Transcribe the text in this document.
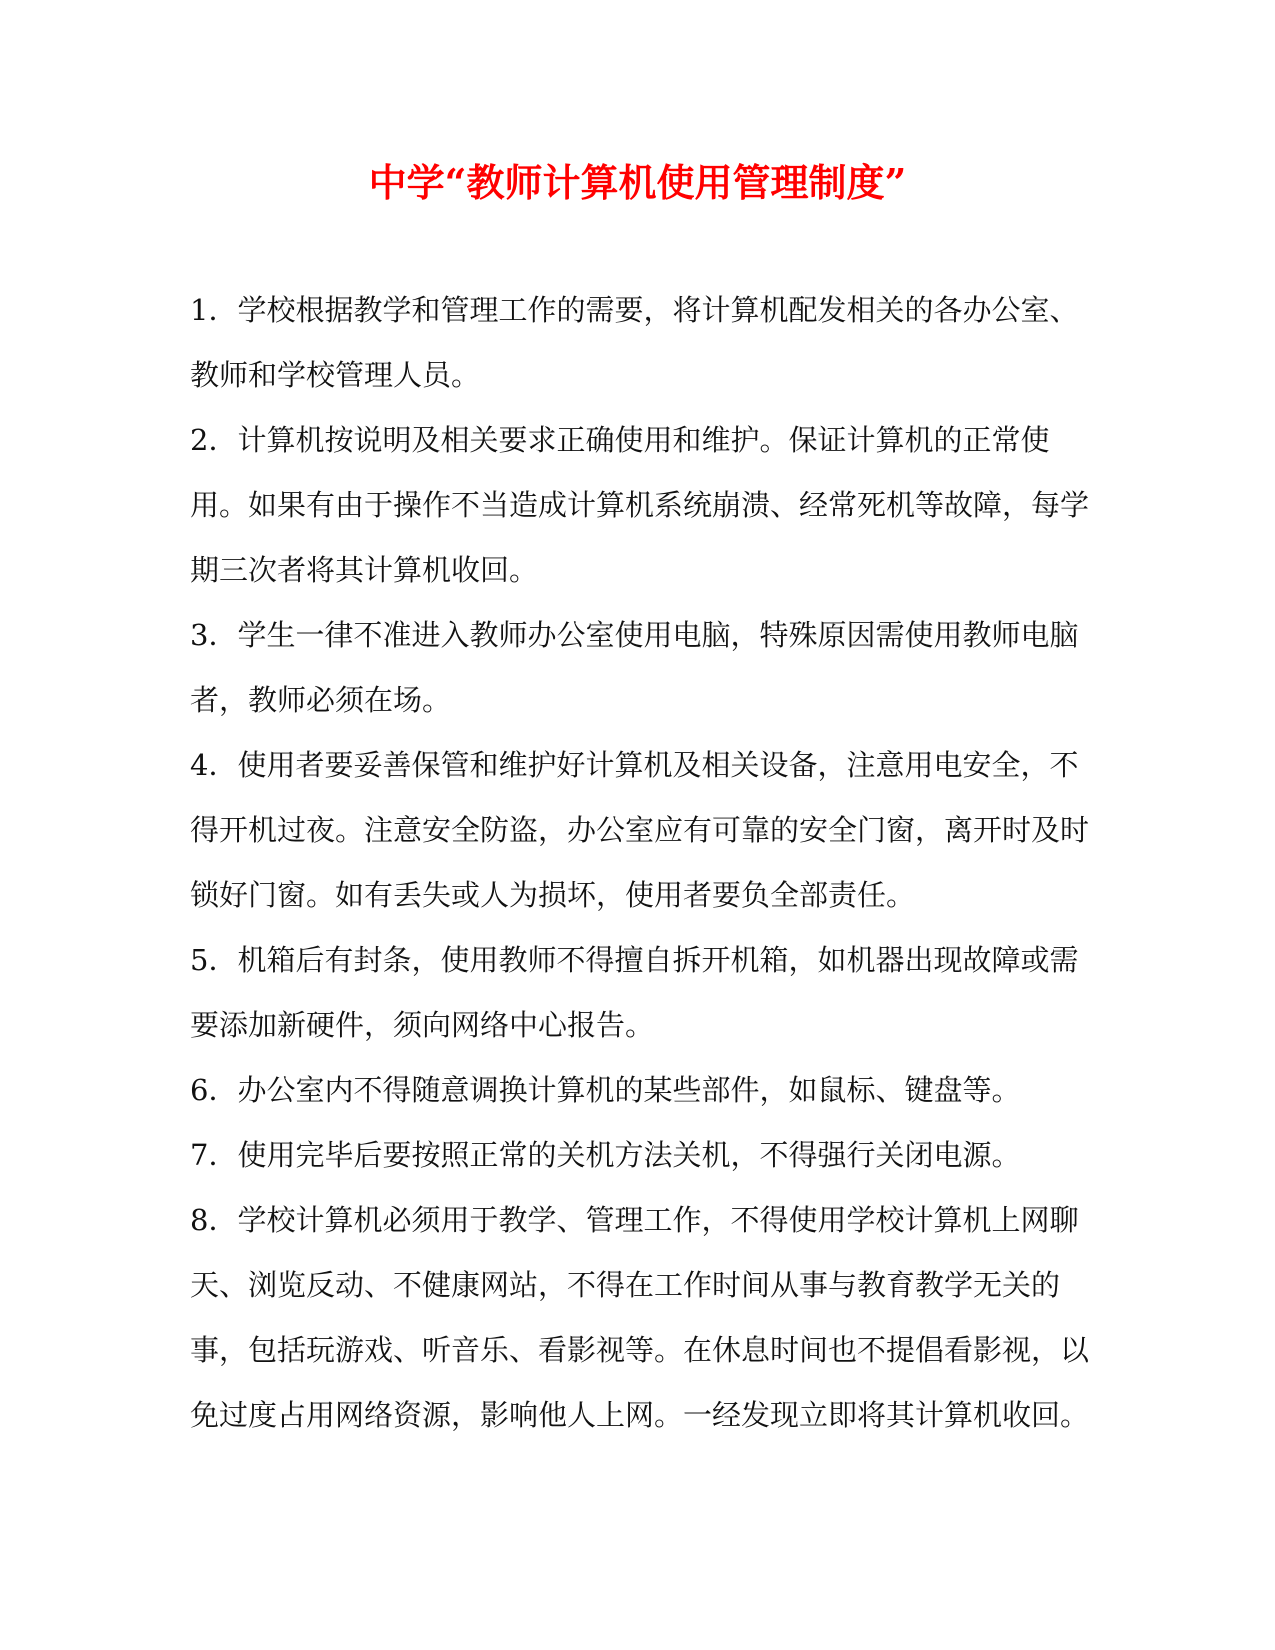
中学“教师计算机使用管理制度”

1．学校根据教学和管理工作的需要，将计算机配发相关的各办公室、教师和学校管理人员。

2．计算机按说明及相关要求正确使用和维护。保证计算机的正常使用。如果有由于操作不当造成计算机系统崩溃、经常死机等故障，每学期三次者将其计算机收回。

3．学生一律不准进入教师办公室使用电脑，特殊原因需使用教师电脑者，教师必须在场。

4．使用者要妥善保管和维护好计算机及相关设备，注意用电安全，不得开机过夜。注意安全防盗，办公室应有可靠的安全门窗，离开时及时锁好门窗。如有丢失或人为损坏，使用者要负全部责任。

5．机箱后有封条，使用教师不得擅自拆开机箱，如机器出现故障或需要添加新硬件，须向网络中心报告。

6．办公室内不得随意调换计算机的某些部件，如鼠标、键盘等。

7．使用完毕后要按照正常的关机方法关机，不得强行关闭电源。

8．学校计算机必须用于教学、管理工作，不得使用学校计算机上网聊天、浏览反动、不健康网站，不得在工作时间从事与教育教学无关的事，包括玩游戏、听音乐、看影视等。在休息时间也不提倡看影视，以免过度占用网络资源，影响他人上网。一经发现立即将其计算机收回。
